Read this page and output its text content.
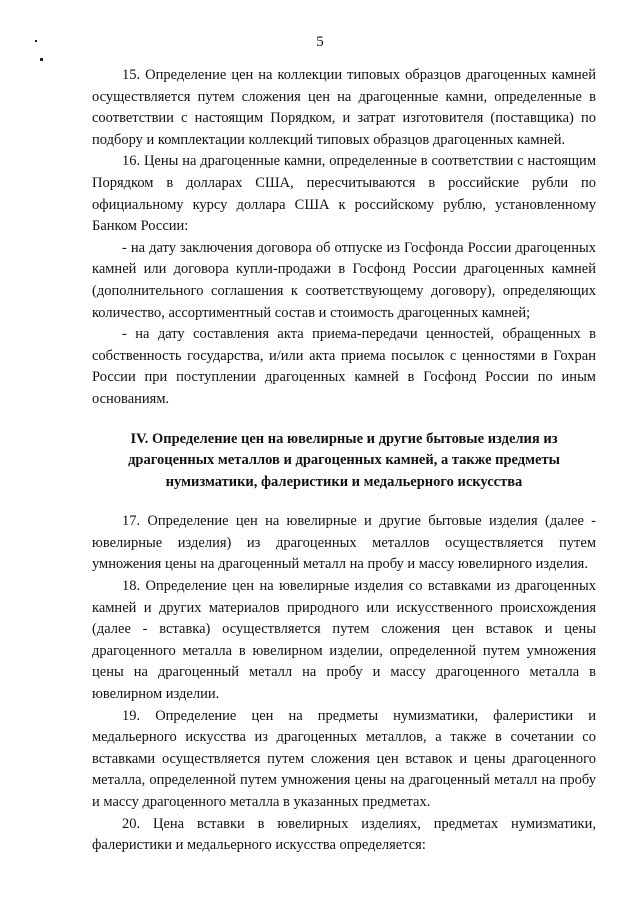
5

15. Определение цен на коллекции типовых образцов драгоценных камней осуществляется путем сложения цен на драгоценные камни, определенные в соответствии с настоящим Порядком, и затрат изготовителя (поставщика) по подбору и комплектации коллекций типовых образцов драгоценных камней.

16. Цены на драгоценные камни, определенные в соответствии с настоящим Порядком в долларах США, пересчитываются в российские рубли по официальному курсу доллара США к российскому рублю, установленному Банком России:

- на дату заключения договора об отпуске из Госфонда России драгоценных камней или договора купли-продажи в Госфонд России драгоценных камней (дополнительного соглашения к соответствующему договору), определяющих количество, ассортиментный состав и стоимость драгоценных камней;

- на дату составления акта приема-передачи ценностей, обращенных в собственность государства, и/или акта приема посылок с ценностями в Гохран России при поступлении драгоценных камней в Госфонд России по иным основаниям.

IV. Определение цен на ювелирные и другие бытовые изделия из драгоценных металлов и драгоценных камней, а также предметы нумизматики, фалеристики и медальерного искусства

17. Определение цен на ювелирные и другие бытовые изделия (далее - ювелирные изделия) из драгоценных металлов осуществляется путем умножения цены на драгоценный металл на пробу и массу ювелирного изделия.

18. Определение цен на ювелирные изделия со вставками из драгоценных камней и других материалов природного или искусственного происхождения (далее - вставка) осуществляется путем сложения цен вставок и цены драгоценного металла в ювелирном изделии, определенной путем умножения цены на драгоценный металл на пробу и массу драгоценного металла в ювелирном изделии.

19. Определение цен на предметы нумизматики, фалеристики и медальерного искусства из драгоценных металлов, а также в сочетании со вставками осуществляется путем сложения цен вставок и цены драгоценного металла, определенной путем умножения цены на драгоценный металл на пробу и массу драгоценного металла в указанных предметах.

20. Цена вставки в ювелирных изделиях, предметах нумизматики, фалеристики и медальерного искусства определяется:
